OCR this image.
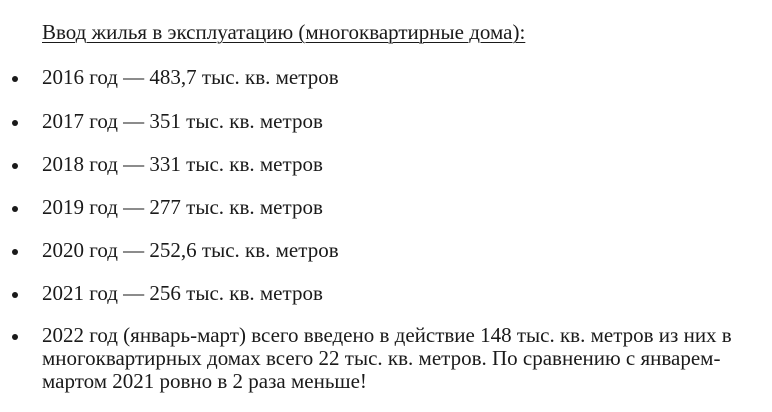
Ввод жилья в эксплуатацию (многоквартирные дома):
2016 год — 483,7 тыс. кв. метров
2017 год — 351 тыс. кв. метров
2018 год — 331 тыс. кв. метров
2019 год — 277 тыс. кв. метров
2020 год — 252,6 тыс. кв. метров
2021 год — 256 тыс. кв. метров
2022 год (январь-март) всего введено в действие 148 тыс. кв. метров из них в многоквартирных домах всего 22 тыс. кв. метров. По сравнению с январем-мартом 2021 ровно в 2 раза меньше!
